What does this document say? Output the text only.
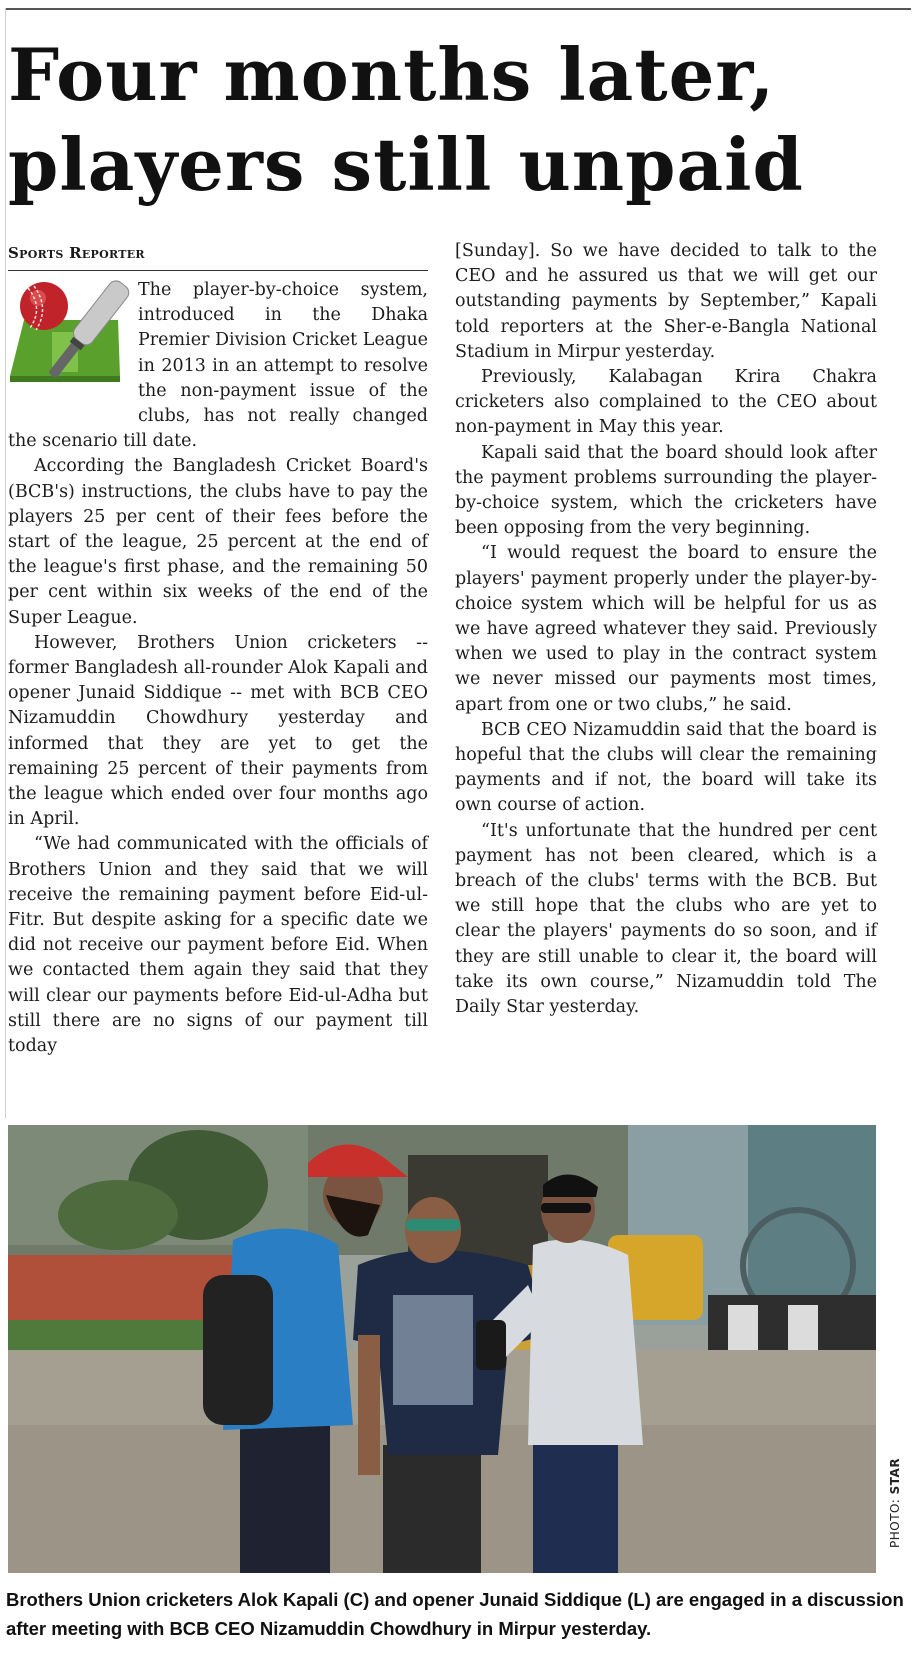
Four months later,
players still unpaid
Sports Reporter

The player-by-choice system, introduced in the Dhaka Premier Division Cricket League in 2013 in an attempt to resolve the non-payment issue of the clubs, has not really changed the scenario till date.

According the Bangladesh Cricket Board's (BCB's) instructions, the clubs have to pay the players 25 per cent of their fees before the start of the league, 25 percent at the end of the league's first phase, and the remaining 50 per cent within six weeks of the end of the Super League.

However, Brothers Union cricketers -- former Bangladesh all-rounder Alok Kapali and opener Junaid Siddique -- met with BCB CEO Nizamuddin Chowdhury yesterday and informed that they are yet to get the remaining 25 percent of their payments from the league which ended over four months ago in April.

“We had communicated with the officials of Brothers Union and they said that we will receive the remaining payment before Eid-ul-Fitr. But despite asking for a specific date we did not receive our payment before Eid. When we contacted them again they said that they will clear our payments before Eid-ul-Adha but still there are no signs of our payment till today

[Sunday]. So we have decided to talk to the CEO and he assured us that we will get our outstanding payments by September,” Kapali told reporters at the Sher-e-Bangla National Stadium in Mirpur yesterday.

Previously, Kalabagan Krira Chakra cricketers also complained to the CEO about non-payment in May this year.

Kapali said that the board should look after the payment problems surrounding the player-by-choice system, which the cricketers have been opposing from the very beginning.

“I would request the board to ensure the players' payment properly under the player-by-choice system which will be helpful for us as we have agreed whatever they said. Previously when we used to play in the contract system we never missed our payments most times, apart from one or two clubs,” he said.

BCB CEO Nizamuddin said that the board is hopeful that the clubs will clear the remaining payments and if not, the board will take its own course of action.

“It's unfortunate that the hundred per cent payment has not been cleared, which is a breach of the clubs' terms with the BCB. But we still hope that the clubs who are yet to clear the players' payments do so soon, and if they are still unable to clear it, the board will take its own course,” Nizamuddin told The Daily Star yesterday.

PHOTO: STAR
Brothers Union cricketers Alok Kapali (C) and opener Junaid Siddique (L) are engaged in a discussion after meeting with BCB CEO Nizamuddin Chowdhury in Mirpur yesterday.
